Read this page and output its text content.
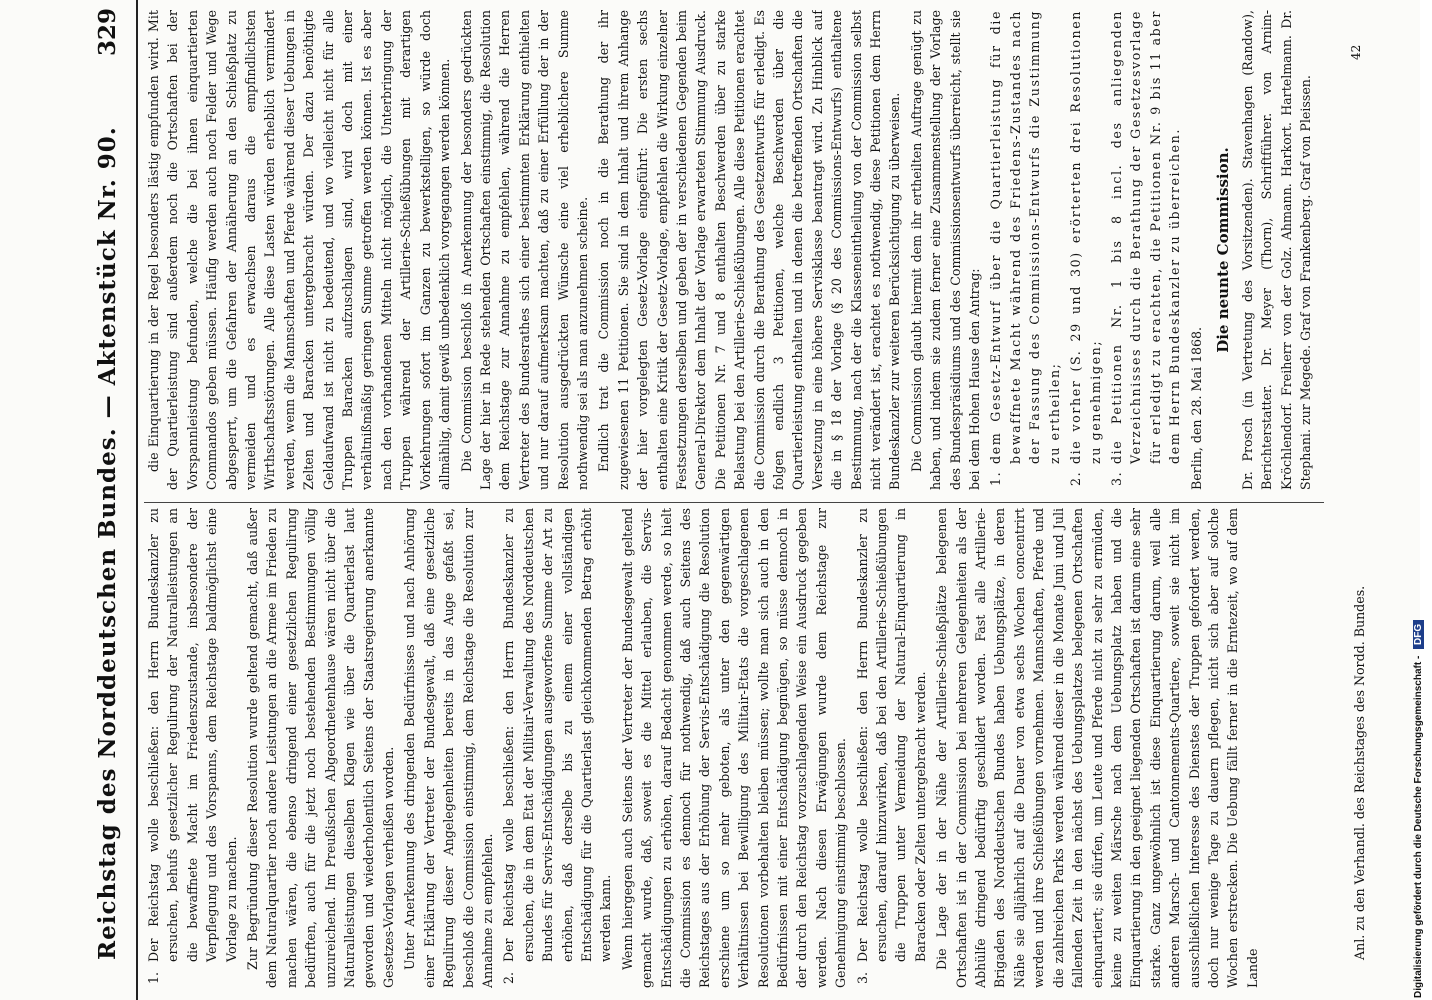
Reichstag des Norddeutschen Bundes. — Aktenstück Nr. 90.
329

1.
Der Reichstag wolle beschließen: den Herrn Bundeskanzler zu ersuchen, behufs gesetzlicher Regulirung der Naturalleistungen an die bewaffnete Macht im Friedenszustande, insbesondere der Verpflegung und des Vorspanns, dem Reichstage baldmöglichst eine Vorlage zu machen. Zur Begründung dieser Resolution wurde geltend gemacht, daß außer dem Naturalquartier noch andere Leistungen an die Armee im Frieden zu machen wären, die ebenso dringend einer gesetzlichen Regulirung bedürften, auch für die jetzt noch bestehenden Bestimmungen völlig unzureichend. Im Preußischen Abgeordnetenhause wären nicht über die Naturalleistungen dieselben Klagen wie über die Quartierlast laut geworden und wiederholentlich Seitens der Staatsregierung anerkannte Gesetzes-Vorlagen verheißen worden. Unter Anerkennung des dringenden Bedürfnisses und nach Anhörung einer Erklärung der Vertreter der Bundesgewalt, daß eine gesetzliche Regulirung dieser Angelegenheiten bereits in das Auge gefaßt sei, beschloß die Commission einstimmig, dem Reichstage die Resolution zur Annahme zu empfehlen. 2.
Der Reichstag wolle beschließen: den Herrn Bundeskanzler zu ersuchen, die in dem Etat der Militair-Verwaltung des Norddeutschen Bundes für Servis-Entschädigungen ausgeworfene Summe der Art zu erhöhen, daß derselbe bis zu einem einer vollständigen Entschädigung für die Quartierlast gleichkommenden Betrag erhöht werden kann. Wenn hiergegen auch Seitens der Vertreter der Bundesgewalt geltend gemacht wurde, daß, soweit es die Mittel erlauben, die Servis-Entschädigungen zu erhöhen, darauf Bedacht genommen werde, so hielt die Commission es dennoch für nothwendig, daß auch Seitens des Reichstages aus der Erhöhung der Servis-Entschädigung die Resolution erschiene um so mehr geboten, als unter den gegenwärtigen Verhältnissen bei Bewilligung des Militair-Etats die vorgeschlagenen Resolutionen vorbehalten bleiben müssen; wollte man sich auch in den Bedürfnissen mit einer Entschädigung begnügen, so müsse dennoch in der durch den Reichstag vorzuschlagenden Weise ein Ausdruck gegeben werden. Nach diesen Erwägungen wurde dem Reichstage zur Genehmigung einstimmig beschlossen. 3.
Der Reichstag wolle beschließen: den Herrn Bundeskanzler zu ersuchen, darauf hinzuwirken, daß bei den Artillerie-Schießübungen die Truppen unter Vermeidung der Natural-Einquartierung in Baracken oder Zelten untergebracht werden. Die Lage der in der Nähe der Artillerie-Schießplätze belegenen Ortschaften ist in der Commission bei mehreren Gelegenheiten als der Abhülfe dringend bedürftig geschildert worden. Fast alle Artillerie-Brigaden des Norddeutschen Bundes haben Uebungsplätze, in deren Nähe sie alljährlich auf die Dauer von etwa sechs Wochen concentrirt werden und ihre Schießübungen vornehmen. Mannschaften, Pferde und die zahlreichen Parks werden während dieser in die Monate Juni und Juli fallenden Zeit in den nächst des Uebungsplatzes belegenen Ortschaften einquartiert; sie dürfen, um Leute und Pferde nicht zu sehr zu ermüden, keine zu weiten Märsche nach dem Uebungsplatz haben und die Einquartierung in den geeignet liegenden Ortschaften ist darum eine sehr starke. Ganz ungewöhnlich ist diese Einquartierung darum, weil alle anderen Marsch- und Cantonnements-Quartiere, soweit sie nicht im ausschließlichen Interesse des Dienstes der Truppen gefordert werden, doch nur wenige Tage zu dauern pflegen, nicht sich aber auf solche Wochen erstrecken. Die Uebung fällt ferner in die Erntezeit, wo auf dem Lande

die Einquartierung in der Regel besonders lästig empfunden wird. Mit der Quartierleistung sind außerdem noch die Ortschaften bei der Vorspannleistung befunden, welche die bei ihnen einquartierten Commandos geben müssen. Häufig werden auch noch Felder und Wege abgesperrt, um die Gefahren der Annäherung an den Schießplatz zu vermeiden und es erwachsen daraus die empfindlichsten Wirthschaftsstörungen. Alle diese Lasten würden erheblich vermindert werden, wenn die Mannschaften und Pferde während dieser Uebungen in Zelten und Baracken untergebracht würden. Der dazu benöthigte Geldaufwand ist nicht zu bedeutend, und wo vielleicht nicht für alle Truppen Baracken aufzuschlagen sind, wird doch mit einer verhältnißmäßig geringen Summe getroffen werden können. Ist es aber nach den vorhandenen Mitteln nicht möglich, die Unterbringung der Truppen während der Artillerie-Schießübungen mit derartigen Vorkehrungen sofort im Ganzen zu bewerkstelligen, so würde doch allmählig, damit gewiß unbedenklich vorgegangen werden können. Die Commission beschloß in Anerkennung der besonders gedrückten Lage der hier in Rede stehenden Ortschaften einstimmig, die Resolution dem Reichstage zur Annahme zu empfehlen, während die Herren Vertreter des Bundesrathes sich einer bestimmten Erklärung enthielten und nur darauf aufmerksam machten, daß zu einer Erfüllung der in der Resolution ausgedrückten Wünsche eine viel erheblichere Summe nothwendig sei als man anzunehmen scheine. Endlich trat die Commission noch in die Berathung der ihr zugewiesenen 11 Petitionen. Sie sind in dem Inhalt und ihrem Anhange der hier vorgelegten Gesetz-Vorlage eingeführt: Die ersten sechs enthalten eine Kritik der Gesetz-Vorlage, empfehlen die Wirkung einzelner Festsetzungen derselben und geben der in verschiedenen Gegenden beim General-Direktor dem Inhalt der Vorlage erwarteten Stimmung Ausdruck. Die Petitionen Nr. 7 und 8 enthalten Beschwerden über zu starke Belastung bei den Artillerie-Schießübungen. Alle diese Petitionen erachtet die Commission durch die Berathung des Gesetzentwurfs für erledigt. Es folgen endlich 3 Petitionen, welche Beschwerden über die Quartierleistung enthalten und in denen die betreffenden Ortschaften die Versetzung in eine höhere Servisklasse beantragt wird. Zu Hinblick auf die in § 18 der Vorlage (§ 20 des Commissions-Entwurfs) enthaltene Bestimmung, nach der die Klasseneintheilung von der Commission selbst nicht verändert ist, erachtet es nothwendig, diese Petitionen dem Herrn Bundeskanzler zur weiteren Berücksichtigung zu überweisen. Die Commission glaubt hiermit dem ihr ertheilten Auftrage genügt zu haben, und indem sie zudem ferner eine Zusammenstellung der Vorlage des Bundespräsidiums und des Commissionsentwurfs überreicht, stellt sie bei dem Hohen Hause den Antrag: 1.
dem Gesetz-Entwurf über die Quartierleistung für die bewaffnete Macht während des Friedens-Zustandes nach der Fassung des Commissions-Entwurfs die Zustimmung zu ertheilen;

2.
die vorher (S. 29 und 30) erörterten drei Resolutionen zu genehmigen;

3.
die Petitionen Nr. 1 bis 8 incl. des anliegenden Verzeichnisses durch die Berathung der Gesetzesvorlage für erledigt zu erachten, die Petitionen Nr. 9 bis 11 aber dem Herrn Bundeskanzler zu überreichen. Berlin, den 28. Mai 1868.

Die neunte Commission. Dr. Prosch (in Vertretung des Vorsitzenden). Stavenhagen (Randow), Berichterstatter. Dr. Meyer (Thorn), Schriftführer. von Arnim-Kröchlendorf. Freiherr von der Golz. Ahmann. Harkort. Hartelmann. Dr. Stephani. zur Megede. Graf von Frankenberg. Graf von Pleissen.

Anl. zu den Verhandl. des Reichstages des Nordd. Bundes.
42
Digitalisierung gefördert durch die Deutsche Forschungsgemeinschaft - DFG
